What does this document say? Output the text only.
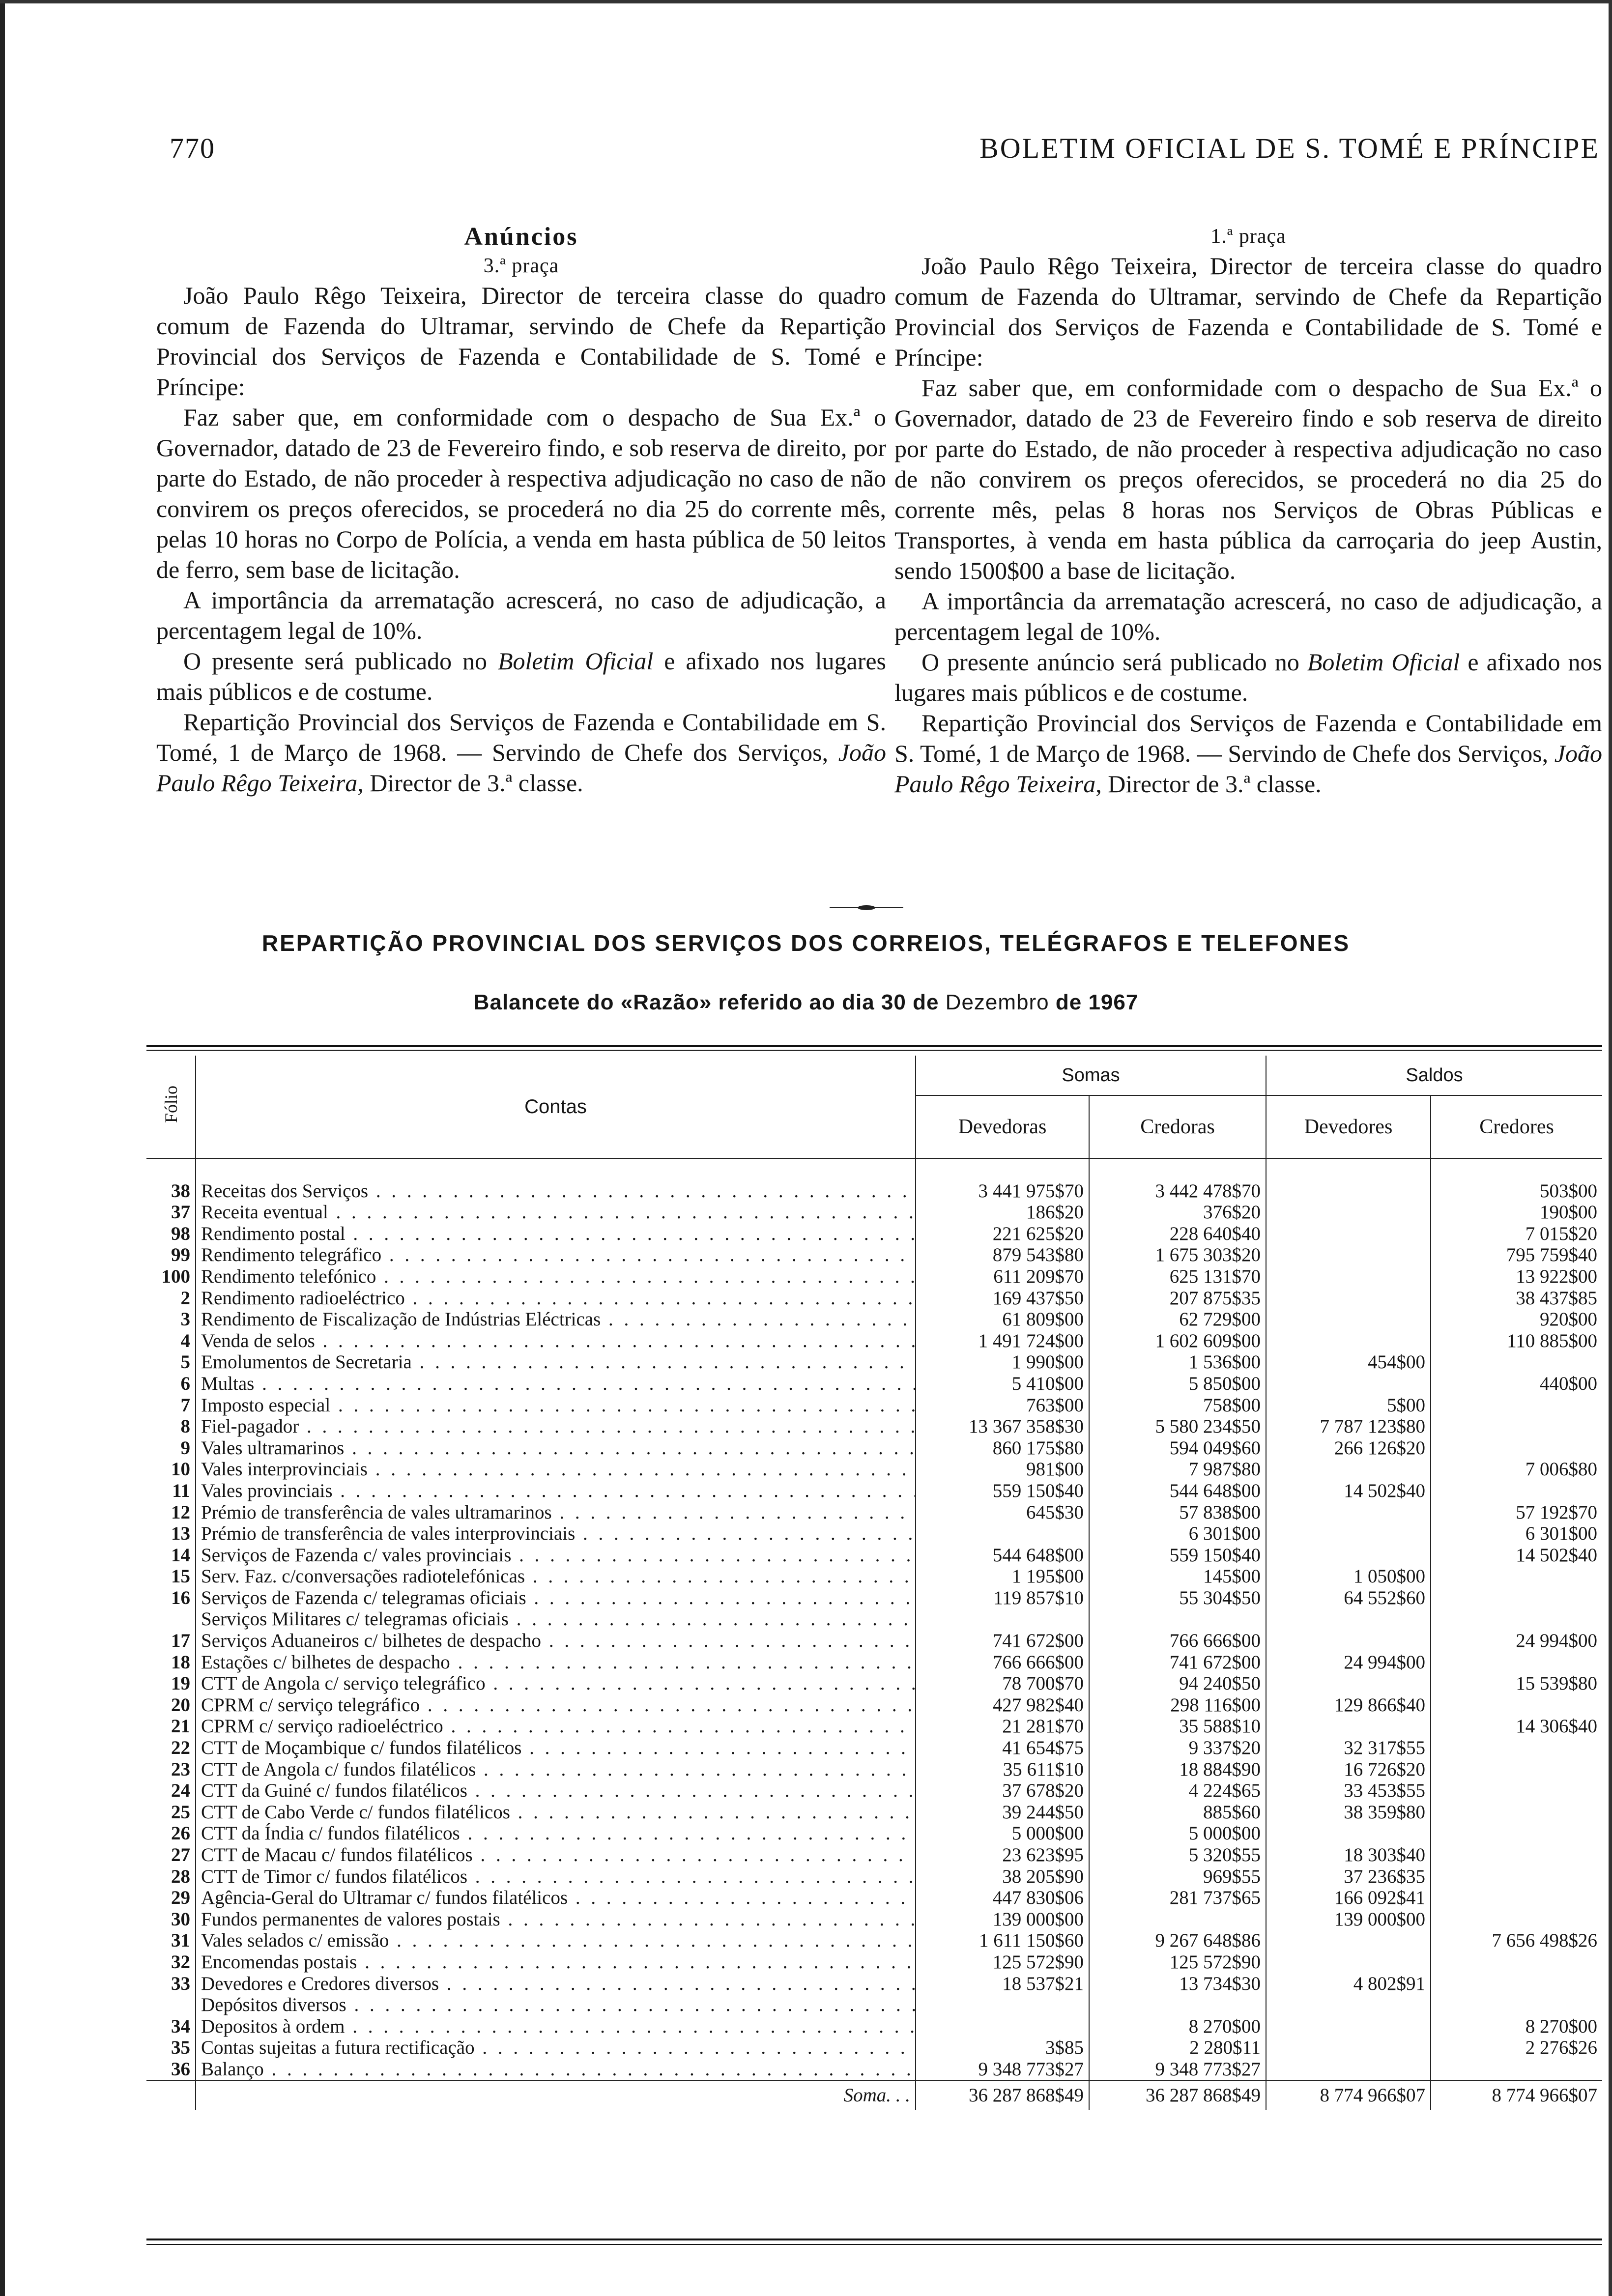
770	BOLETIM OFICIAL DE S. TOMÉ E PRÍNCIPE
Anúncios
3.ª praça

João Paulo Rêgo Teixeira, Director de terceira classe do quadro comum de Fazenda do Ultramar, servindo de Chefe da Repartição Provincial dos Serviços de Fazenda e Contabilidade de S. Tomé e Príncipe:

Faz saber que, em conformidade com o despacho de Sua Ex.ª o Governador, datado de 23 de Fevereiro findo, e sob reserva de direito, por parte do Estado, de não proceder à respectiva adjudicação no caso de não convirem os preços oferecidos, se procederá no dia 25 do corrente mês, pelas 10 horas no Corpo de Polícia, a venda em hasta pública de 50 leitos de ferro, sem base de licitação.

A importância da arrematação acrescerá, no caso de adjudicação, a percentagem legal de 10%.

O presente será publicado no Boletim Oficial e afixado nos lugares mais públicos e de costume.

Repartição Provincial dos Serviços de Fazenda e Contabilidade em S. Tomé, 1 de Março de 1968. — Servindo de Chefe dos Serviços, João Paulo Rêgo Teixeira, Director de 3.ª classe.

1.ª praça

João Paulo Rêgo Teixeira, Director de terceira classe do quadro comum de Fazenda do Ultramar, servindo de Chefe da Repartição Provincial dos Serviços de Fazenda e Contabilidade de S. Tomé e Príncipe:

Faz saber que, em conformidade com o despacho de Sua Ex.ª o Governador, datado de 23 de Fevereiro findo e sob reserva de direito por parte do Estado, de não proceder à respectiva adjudicação no caso de não convirem os preços oferecidos, se procederá no dia 25 do corrente mês, pelas 8 horas nos Serviços de Obras Públicas e Transportes, à venda em hasta pública da carroçaria do jeep Austin, sendo 1500$00 a base de licitação.

A importância da arrematação acrescerá, no caso de adjudicação, a percentagem legal de 10%.

O presente anúncio será publicado no Boletim Oficial e afixado nos lugares mais públicos e de costume.

Repartição Provincial dos Serviços de Fazenda e Contabilidade em S. Tomé, 1 de Março de 1968. — Servindo de Chefe dos Serviços, João Paulo Rêgo Teixeira, Director de 3.ª classe.

REPARTIÇÃO PROVINCIAL DOS SERVIÇOS DOS CORREIOS, TELÉGRAFOS E TELEFONES
Balancete do «Razão» referido ao dia 30 de Dezembro de 1967
Fólio	Contas	Somas		Saldos	
		Devedoras	Credoras	Devedores	Credores

38	Receitas dos Serviços . . .	3 441 975$70	3 442 478$70		503$00
37	Receita eventual . . .	186$20	376$20		190$00
98	Rendimento postal . . .	221 625$20	228 640$40		7 015$20
99	Rendimento telegráfico . . .	879 543$80	1 675 303$20		795 759$40
100	Rendimento telefónico . . .	611 209$70	625 131$70		13 922$00
2	Rendimento radioeléctrico . . .	169 437$50	207 875$35		38 437$85
3	Rendimento de Fiscalização de Indústrias Eléctricas . . .	61 809$00	62 729$00		920$00
4	Venda de selos . . .	1 491 724$00	1 602 609$00		110 885$00
5	Emolumentos de Secretaria . . .	1 990$00	1 536$00	454$00	
6	Multas . . .	5 410$00	5 850$00		440$00
7	Imposto especial . . .	763$00	758$00	5$00	
8	Fiel-pagador . . .	13 367 358$30	5 580 234$50	7 787 123$80	
9	Vales ultramarinos . . .	860 175$80	594 049$60	266 126$20	
10	Vales interprovinciais . . .	981$00	7 987$80		7 006$80
11	Vales provinciais . . .	559 150$40	544 648$00	14 502$40	
12	Prémio de transferência de vales ultramarinos . . .	645$30	57 838$00		57 192$70
13	Prémio de transferência de vales interprovinciais . . .		6 301$00		6 301$00
14	Serviços de Fazenda c/ vales provinciais . . .	544 648$00	559 150$40		14 502$40
15	Serv. Faz. c/conversações radiotelefónicas . . .	1 195$00	145$00	1 050$00	
16	Serviços de Fazenda c/ telegramas oficiais . . .	119 857$10	55 304$50	64 552$60	
	Serviços Militares c/ telegramas oficiais . . .				
17	Serviços Aduaneiros c/ bilhetes de despacho . . .	741 672$00	766 666$00		24 994$00
18	Estações c/ bilhetes de despacho . . .	766 666$00	741 672$00	24 994$00	
19	CTT de Angola c/ serviço telegráfico . . .	78 700$70	94 240$50		15 539$80
20	CPRM c/ serviço telegráfico . . .	427 982$40	298 116$00	129 866$40	
21	CPRM c/ serviço radioeléctrico . . .	21 281$70	35 588$10		14 306$40
22	CTT de Moçambique c/ fundos filatélicos . . .	41 654$75	9 337$20	32 317$55	
23	CTT de Angola c/ fundos filatélicos . . .	35 611$10	18 884$90	16 726$20	
24	CTT da Guiné c/ fundos filatélicos . . .	37 678$20	4 224$65	33 453$55	
25	CTT de Cabo Verde c/ fundos filatélicos . . .	39 244$50	885$60	38 359$80	
26	CTT da Índia c/ fundos filatélicos . . .	5 000$00	5 000$00		
27	CTT de Macau c/ fundos filatélicos . . .	23 623$95	5 320$55	18 303$40	
28	CTT de Timor c/ fundos filatélicos . . .	38 205$90	969$55	37 236$35	
29	Agência-Geral do Ultramar c/ fundos filatélicos . . .	447 830$06	281 737$65	166 092$41	
30	Fundos permanentes de valores postais . . .	139 000$00		139 000$00	
31	Vales selados c/ emissão . . .	1 611 150$60	9 267 648$86		7 656 498$26
32	Encomendas postais . . .	125 572$90	125 572$90		
33	Devedores e Credores diversos . . .	18 537$21	13 734$30	4 802$91	
	Depósitos diversos . . .				
34	Depositos à ordem . . .		8 270$00		8 270$00
35	Contas sujeitas a futura rectificação . . .	3$85	2 280$11		2 276$26
36	Balanço . . .	9 348 773$27	9 348 773$27		
	Soma. . .	36 287 868$49	36 287 868$49	8 774 966$07	8 774 966$07
